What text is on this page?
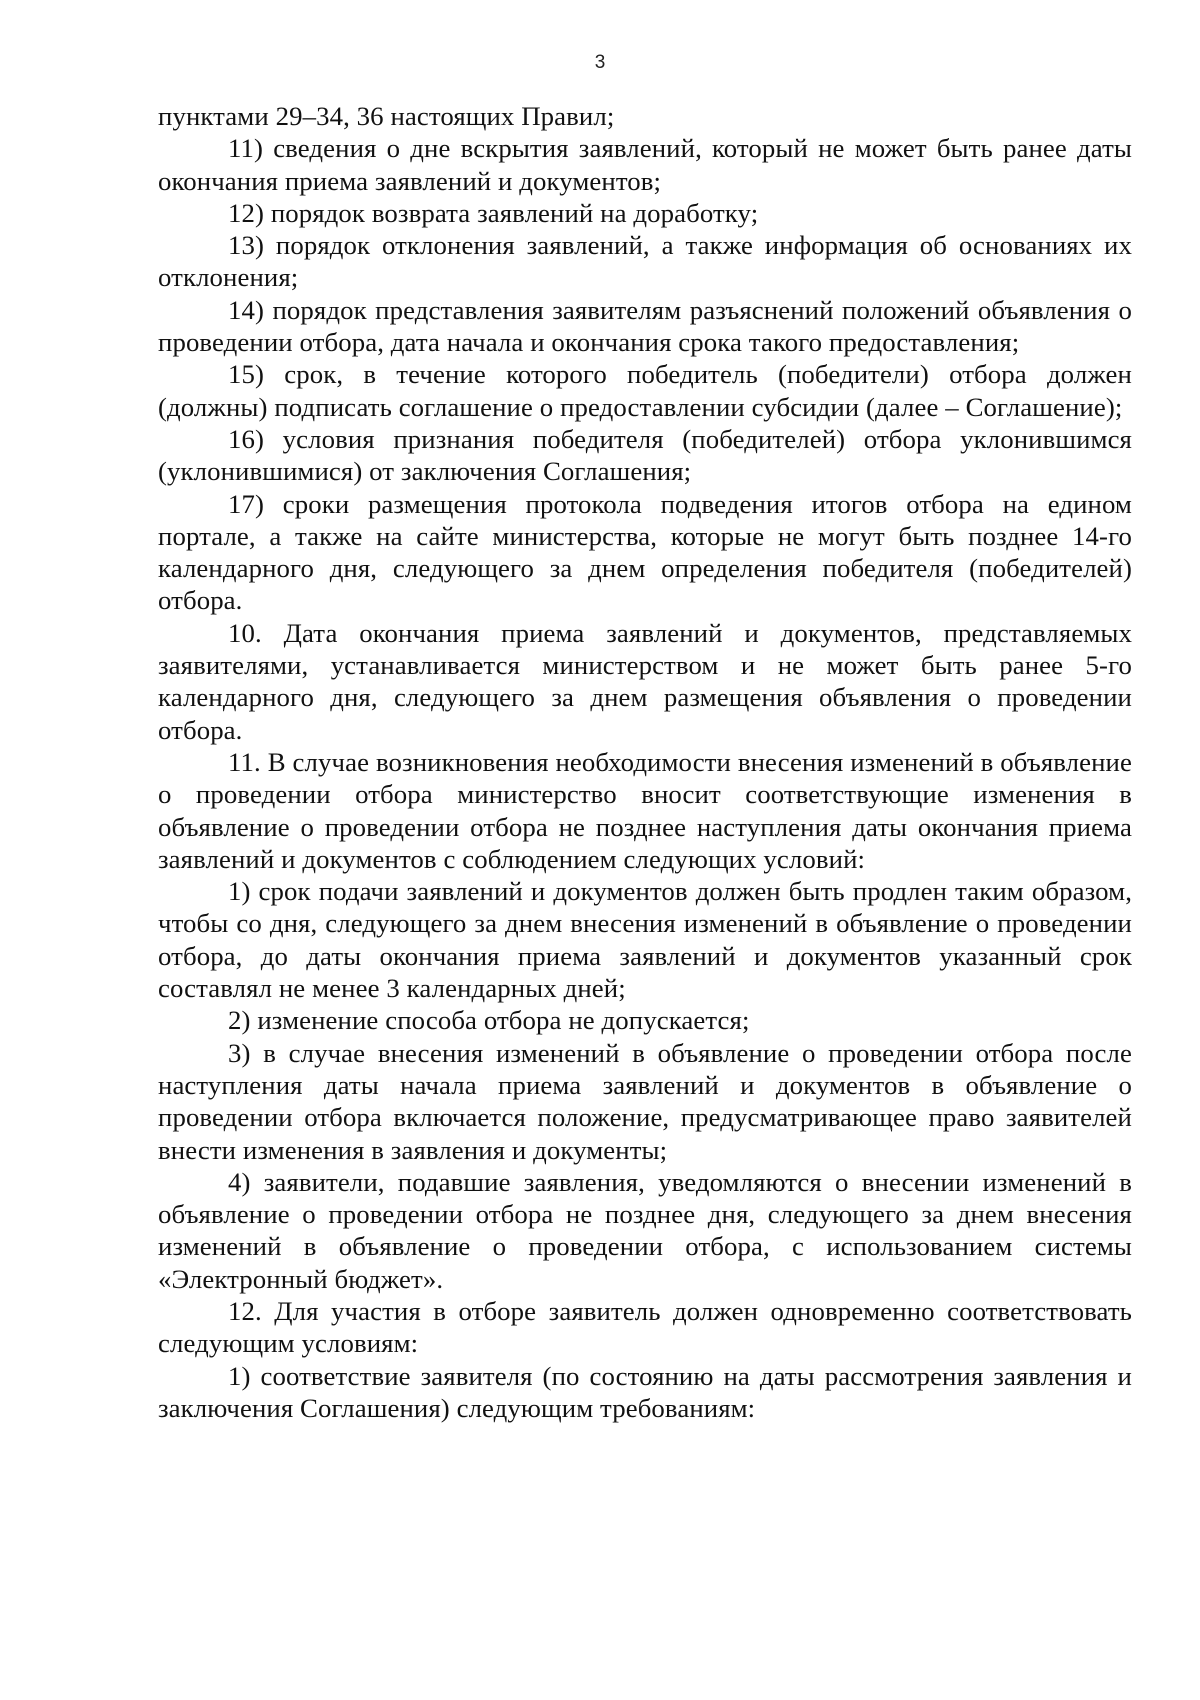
3

пунктами 29–34, 36 настоящих Правил;

11) сведения о дне вскрытия заявлений, который не может быть ранее даты окончания приема заявлений и документов;

12) порядок возврата заявлений на доработку;

13) порядок отклонения заявлений, а также информация об основаниях их отклонения;

14) порядок представления заявителям разъяснений положений объявления о проведении отбора, дата начала и окончания срока такого предоставления;

15) срок, в течение которого победитель (победители) отбора должен (должны) подписать соглашение о предоставлении субсидии (далее – Соглашение);

16) условия признания победителя (победителей) отбора уклонившимся (уклонившимися) от заключения Соглашения;

17) сроки размещения протокола подведения итогов отбора на едином портале, а также на сайте министерства, которые не могут быть позднее 14-го календарного дня, следующего за днем определения победителя (победителей) отбора.

10. Дата окончания приема заявлений и документов, представляемых заявителями, устанавливается министерством и не может быть ранее 5-го календарного дня, следующего за днем размещения объявления о проведении отбора.

11. В случае возникновения необходимости внесения изменений в объявление о проведении отбора министерство вносит соответствующие изменения в объявление о проведении отбора не позднее наступления даты окончания приема заявлений и документов с соблюдением следующих условий:

1) срок подачи заявлений и документов должен быть продлен таким образом, чтобы со дня, следующего за днем внесения изменений в объявление о проведении отбора, до даты окончания приема заявлений и документов указанный срок составлял не менее 3 календарных дней;

2) изменение способа отбора не допускается;

3) в случае внесения изменений в объявление о проведении отбора после наступления даты начала приема заявлений и документов в объявление о проведении отбора включается положение, предусматривающее право заявителей внести изменения в заявления и документы;

4) заявители, подавшие заявления, уведомляются о внесении изменений в объявление о проведении отбора не позднее дня, следующего за днем внесения изменений в объявление о проведении отбора, с использованием системы «Электронный бюджет».

12. Для участия в отборе заявитель должен одновременно соответствовать следующим условиям:

1) соответствие заявителя (по состоянию на даты рассмотрения заявления и заключения Соглашения) следующим требованиям:
